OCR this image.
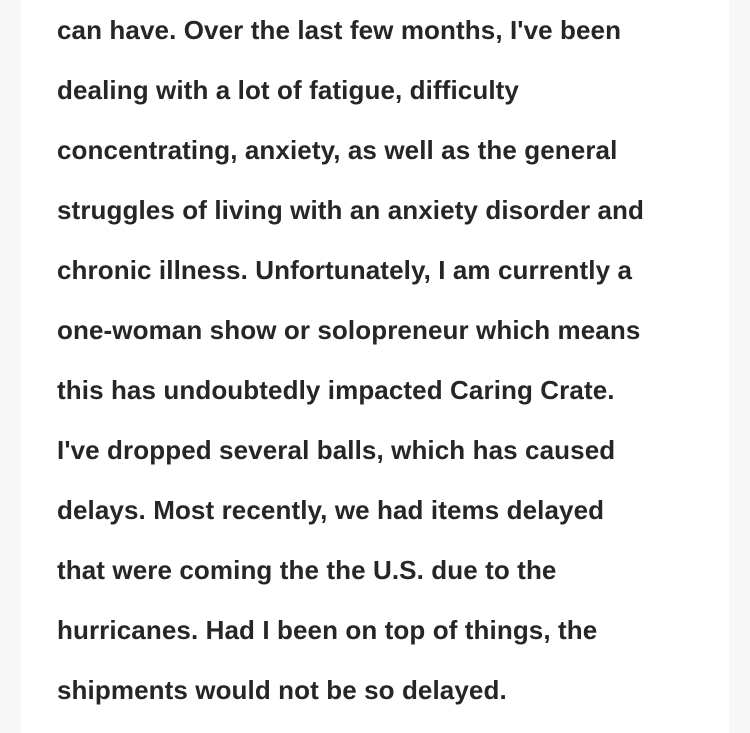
can have. Over the last few months, I've been
dealing with a lot of fatigue, difficulty
concentrating, anxiety, as well as the general
struggles of living with an anxiety disorder and
chronic illness. Unfortunately, I am currently a
one-woman show or solopreneur which means
this has undoubtedly impacted Caring Crate.
I've dropped several balls, which has caused
delays. Most recently, we had items delayed
that were coming the the U.S. due to the
hurricanes. Had I been on top of things, the
shipments would not be so delayed.
